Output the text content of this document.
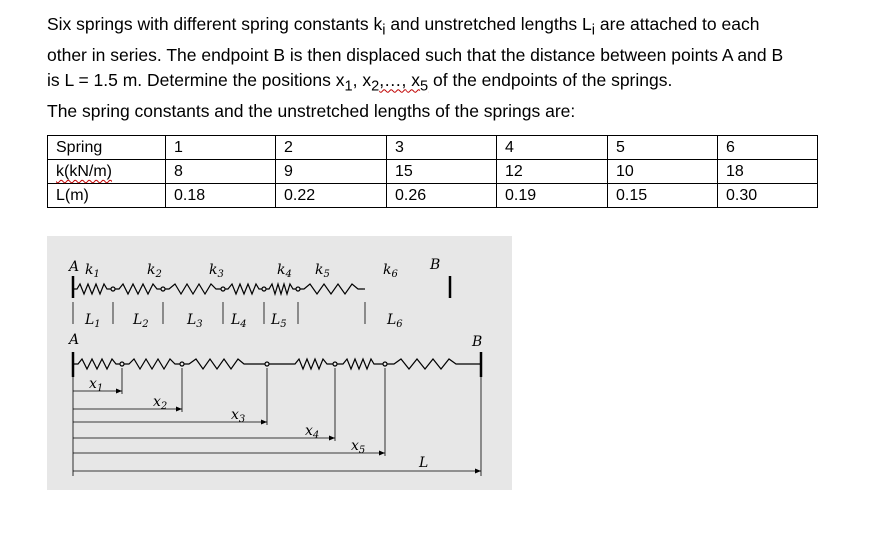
Six springs with different spring constants $k_i$ and unstretched lengths $L_i$ are attached to each

other in series. The endpoint B is then displaced such that the distance between points A and B

is L = 1.5 m. Determine the positions $x_1$, $x_2,\dots$, $x_5$ of the endpoints of the springs.

The spring constants and the unstretched lengths of the springs are:

Spring	1	2	3	4	5	6
k(kN/m)	8	9	15	12	10	18
L(m)	0.18	0.22	0.26	0.19	0.15	0.30
A	B
A	B
$k_1$	$k_2$	$k_3$	$k_4$ $k_5$	$k_6$
$L_1$ $L_2$	$L_3$ $L_4$ $L_5$	$L_6$
$x_1$
$x_2$
$x_3$
$x_4$
$x_5$
L
